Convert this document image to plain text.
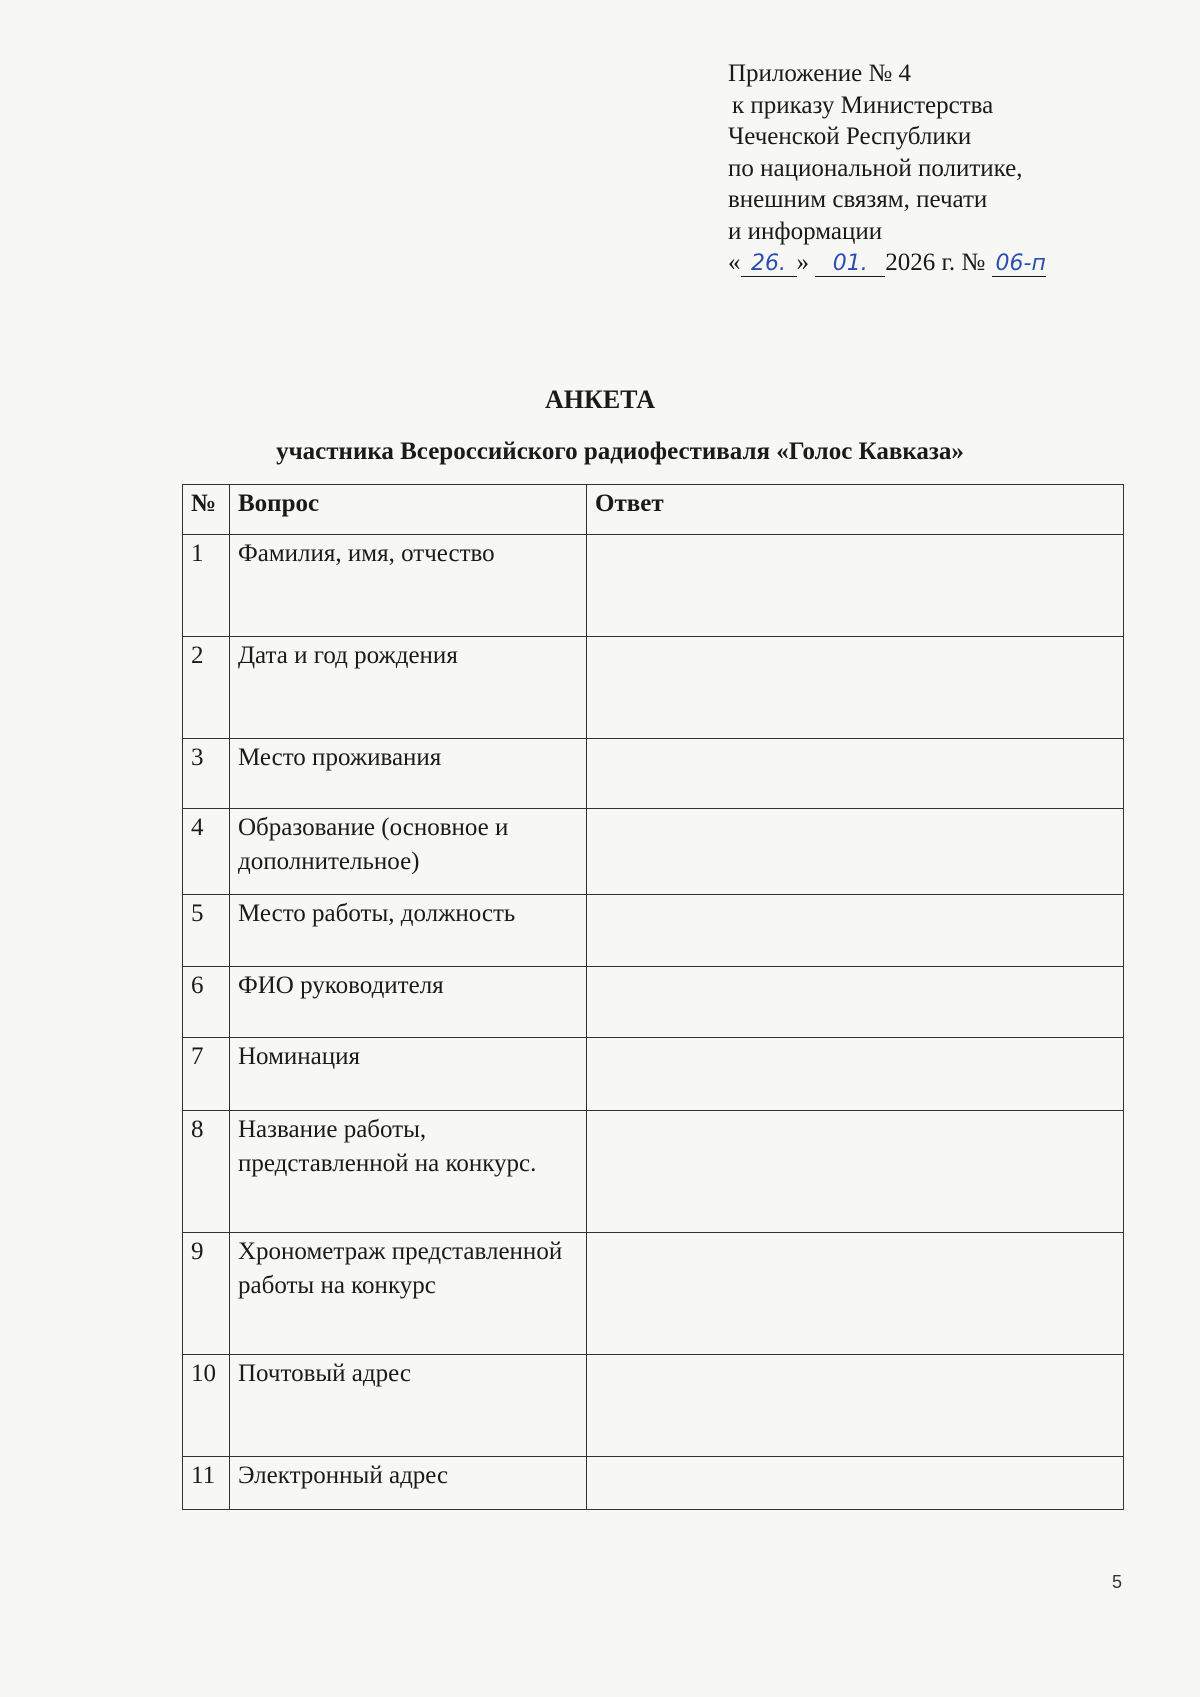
Приложение № 4
к приказу Министерства
Чеченской Республики
по национальной политике,
внешним связям, печати
и информации
« 26. » 01. 2026 г. № 06-п
АНКЕТА
участника Всероссийского радиофестиваля «Голос Кавказа»
№	Вопрос	Ответ
1	Фамилия, имя, отчество	
2	Дата и год рождения	
3	Место проживания	
4	Образование (основное и дополнительное)	
5	Место работы, должность	
6	ФИО руководителя	
7	Номинация	
8	Название работы, представленной на конкурс.	
9	Хронометраж представленной работы на конкурс	
10	Почтовый адрес	
11	Электронный адрес	
5
